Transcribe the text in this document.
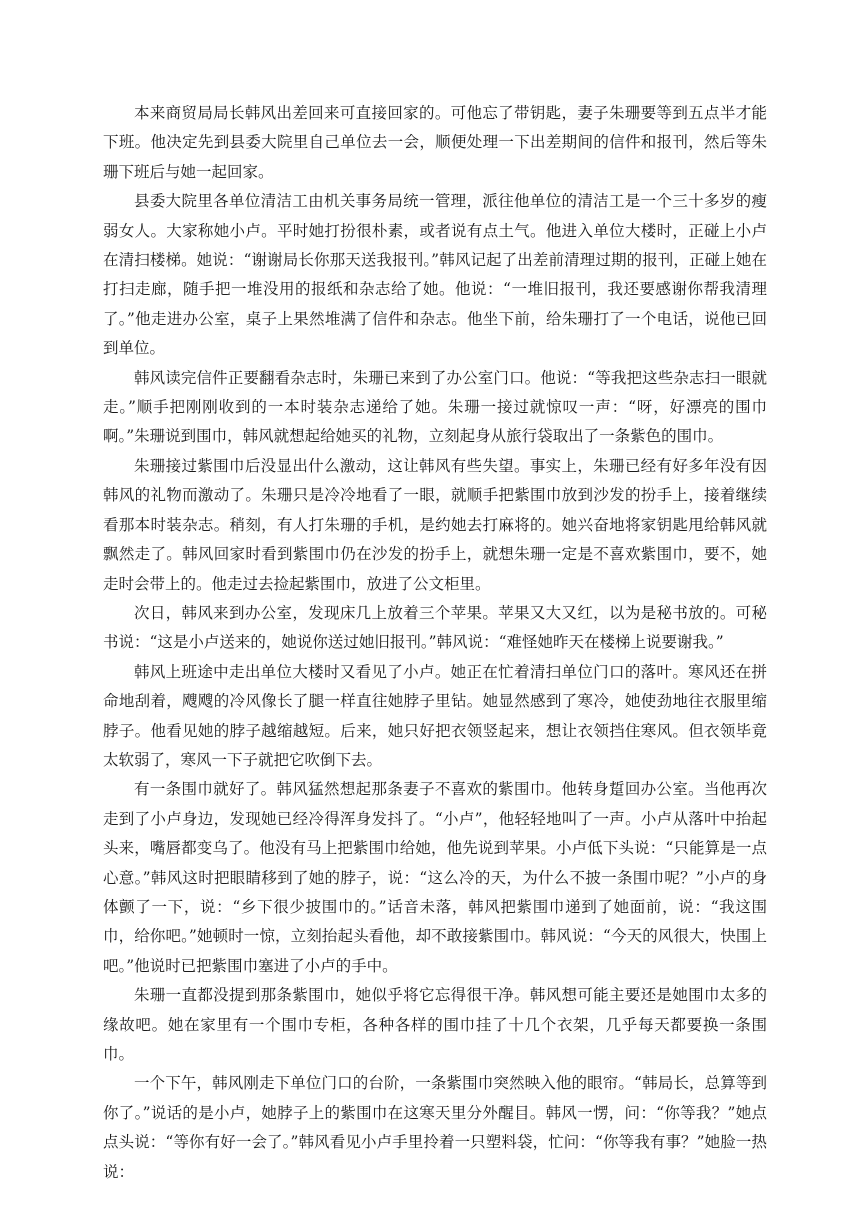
本来商贸局局长韩风出差回来可直接回家的。可他忘了带钥匙，妻子朱珊要等到五点半才能下班。他决定先到县委大院里自己单位去一会，顺便处理一下出差期间的信件和报刊，然后等朱珊下班后与她一起回家。

县委大院里各单位清洁工由机关事务局统一管理，派往他单位的清洁工是一个三十多岁的瘦弱女人。大家称她小卢。平时她打扮很朴素，或者说有点土气。他进入单位大楼时，正碰上小卢在清扫楼梯。她说：“谢谢局长你那天送我报刊。”韩风记起了出差前清理过期的报刊，正碰上她在打扫走廊，随手把一堆没用的报纸和杂志给了她。他说：“一堆旧报刊，我还要感谢你帮我清理了。”他走进办公室，桌子上果然堆满了信件和杂志。他坐下前，给朱珊打了一个电话，说他已回到单位。

韩风读完信件正要翻看杂志时，朱珊已来到了办公室门口。他说：“等我把这些杂志扫一眼就走。”顺手把刚刚收到的一本时装杂志递给了她。朱珊一接过就惊叹一声：“呀，好漂亮的围巾啊。”朱珊说到围巾，韩风就想起给她买的礼物，立刻起身从旅行袋取出了一条紫色的围巾。

朱珊接过紫围巾后没显出什么激动，这让韩风有些失望。事实上，朱珊已经有好多年没有因韩风的礼物而激动了。朱珊只是冷冷地看了一眼，就顺手把紫围巾放到沙发的扮手上，接着继续看那本时装杂志。稍刻，有人打朱珊的手机，是约她去打麻将的。她兴奋地将家钥匙甩给韩风就飘然走了。韩风回家时看到紫围巾仍在沙发的扮手上，就想朱珊一定是不喜欢紫围巾，要不，她走时会带上的。他走过去捡起紫围巾，放进了公文柜里。

次日，韩风来到办公室，发现床几上放着三个苹果。苹果又大又红，以为是秘书放的。可秘书说：“这是小卢送来的，她说你送过她旧报刊。”韩风说：“难怪她昨天在楼梯上说要谢我。”

韩风上班途中走出单位大楼时又看见了小卢。她正在忙着清扫单位门口的落叶。寒风还在拼命地刮着，飕飕的冷风像长了腿一样直往她脖子里钻。她显然感到了寒冷，她使劲地往衣服里缩脖子。他看见她的脖子越缩越短。后来，她只好把衣领竖起来，想让衣领挡住寒风。但衣领毕竟太软弱了，寒风一下子就把它吹倒下去。

有一条围巾就好了。韩风猛然想起那条妻子不喜欢的紫围巾。他转身踅回办公室。当他再次走到了小卢身边，发现她已经冷得浑身发抖了。“小卢”，他轻轻地叫了一声。小卢从落叶中抬起头来，嘴唇都变乌了。他没有马上把紫围巾给她，他先说到苹果。小卢低下头说：“只能算是一点心意。”韩风这时把眼睛移到了她的脖子，说：“这么冷的天，为什么不披一条围巾呢？”小卢的身体颤了一下，说：“乡下很少披围巾的。”话音未落，韩风把紫围巾递到了她面前，说：“我这围巾，给你吧。”她顿时一惊，立刻抬起头看他，却不敢接紫围巾。韩风说：“今天的风很大，快围上吧。”他说时已把紫围巾塞进了小卢的手中。

朱珊一直都没提到那条紫围巾，她似乎将它忘得很干净。韩风想可能主要还是她围巾太多的缘故吧。她在家里有一个围巾专柜，各种各样的围巾挂了十几个衣架，几乎每天都要换一条围巾。

一个下午，韩风刚走下单位门口的台阶，一条紫围巾突然映入他的眼帘。“韩局长，总算等到你了。”说话的是小卢，她脖子上的紫围巾在这寒天里分外醒目。韩风一愣，问：“你等我？”她点点头说：“等你有好一会了。”韩风看见小卢手里拎着一只塑料袋，忙问：“你等我有事？”她脸一热说：
